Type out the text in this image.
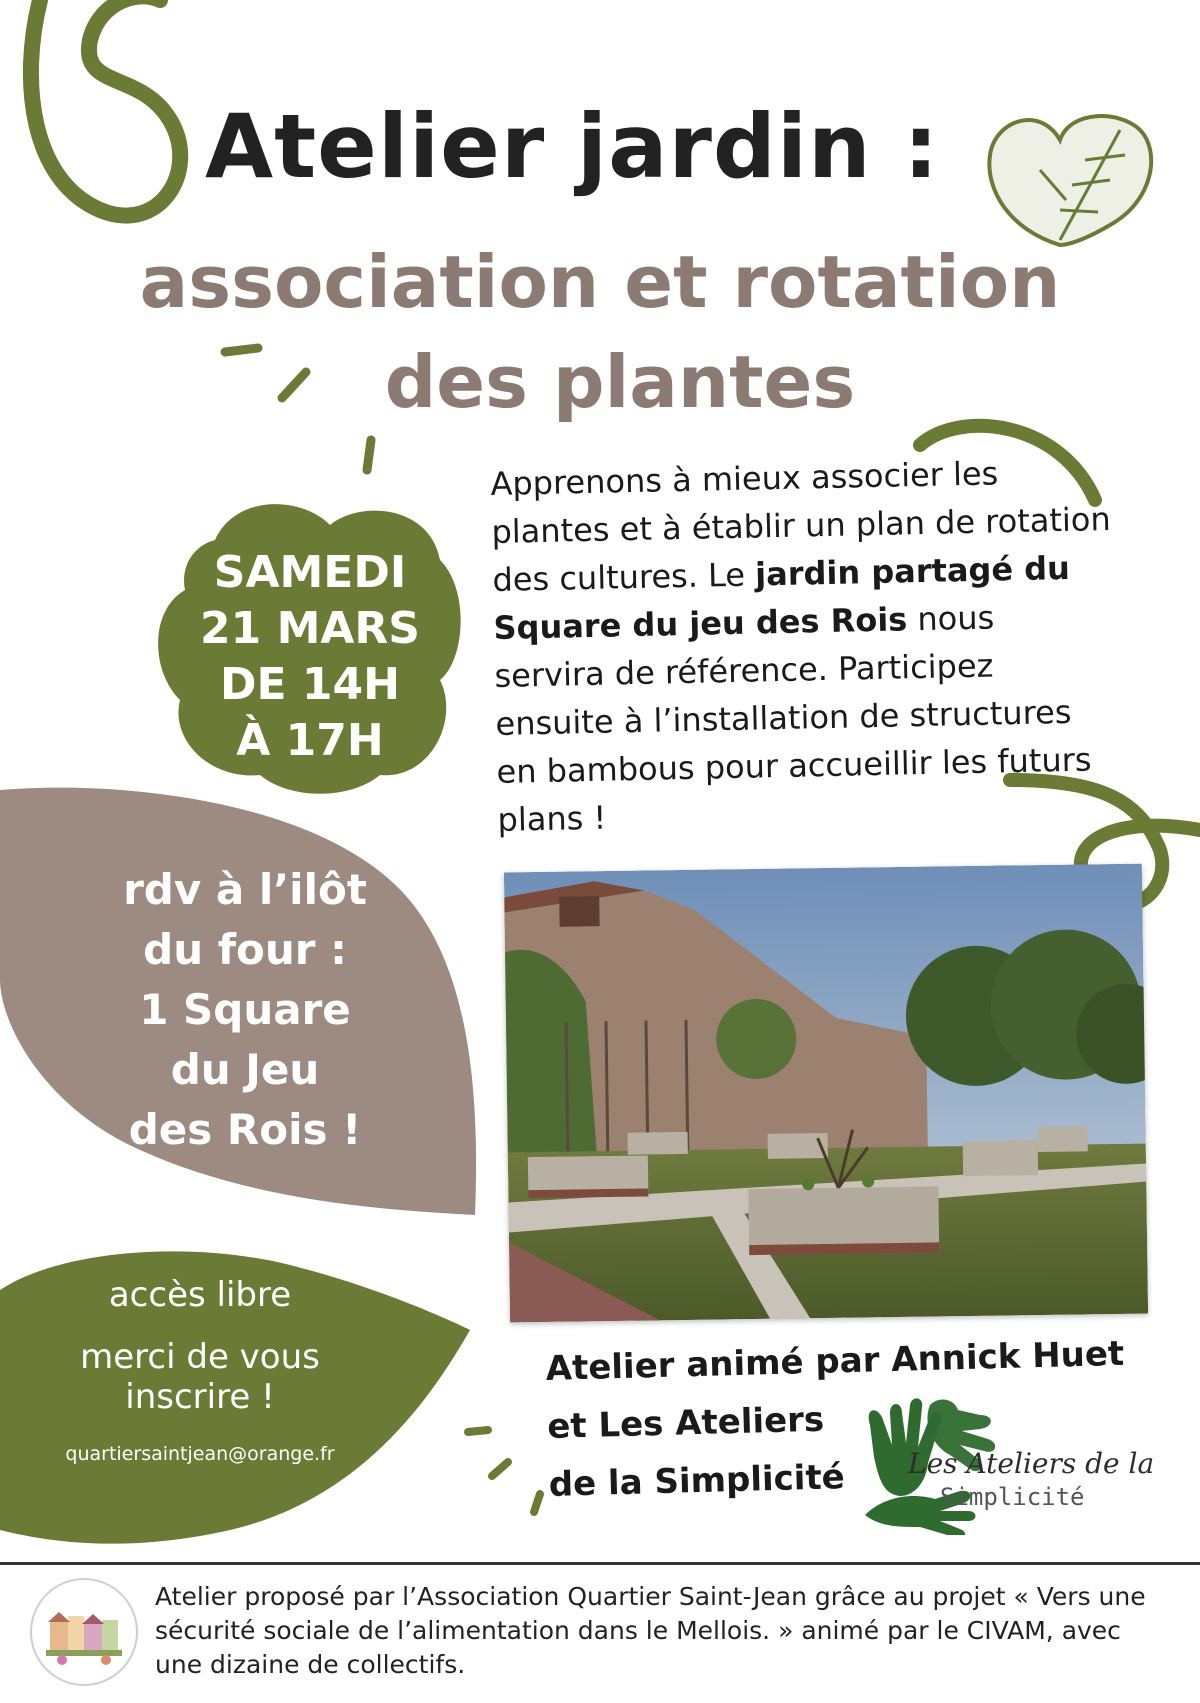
Atelier jardin :
association et rotation
des plantes
Apprenons à mieux associer les plantes et à établir un plan de rotation des cultures. Le jardin partagé du Square du jeu des Rois nous servira de référence. Participez ensuite à l’installation de structures en bambous pour accueillir les futurs plans !
SAMEDI
21 MARS
DE 14H
À 17H
rdv à l’ilôt
du four :
1 Square
du Jeu
des Rois !
accès libre
merci de vous
inscrire !
quartiersaintjean@orange.fr
Atelier animé par Annick Huet
et Les Ateliers
de la Simplicité	Les Ateliers de la
Simplicité
Atelier proposé par l’Association Quartier Saint-Jean grâce au projet « Vers une sécurité sociale de l’alimentation dans le Mellois. » animé par le CIVAM, avec une dizaine de collectifs.
